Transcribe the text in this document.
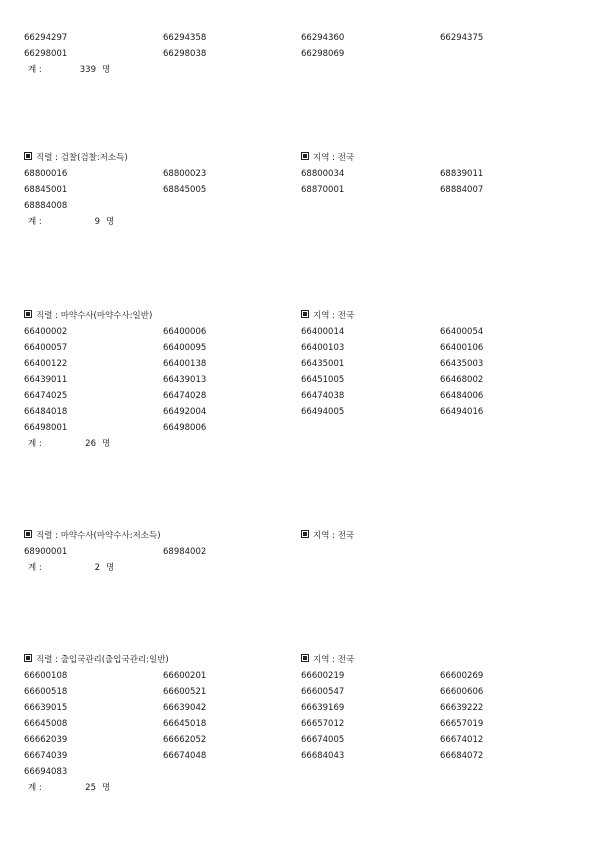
66294297	66294358	66294360	66294375
66298001	66298038	66298069
계 :	339 명
직렬 : 검찰(검찰:저소득)	지역 : 전국
68800016	68800023	68800034	68839011
68845001	68845005	68870001	68884007
68884008
계 :	9 명
직렬 : 마약수사(마약수사:일반)	지역 : 전국
66400002	66400006	66400014	66400054
66400057	66400095	66400103	66400106
66400122	66400138	66435001	66435003
66439011	66439013	66451005	66468002
66474025	66474028	66474038	66484006
66484018	66492004	66494005	66494016
66498001	66498006
계 :	26 명
직렬 : 마약수사(마약수사:저소득)	지역 : 전국
68900001	68984002
계 :	2 명
직렬 : 출입국관리(출입국관리:일반)	지역 : 전국
66600108	66600201	66600219	66600269
66600518	66600521	66600547	66600606
66639015	66639042	66639169	66639222
66645008	66645018	66657012	66657019
66662039	66662052	66674005	66674012
66674039	66674048	66684043	66684072
66694083
계 :	25 명
